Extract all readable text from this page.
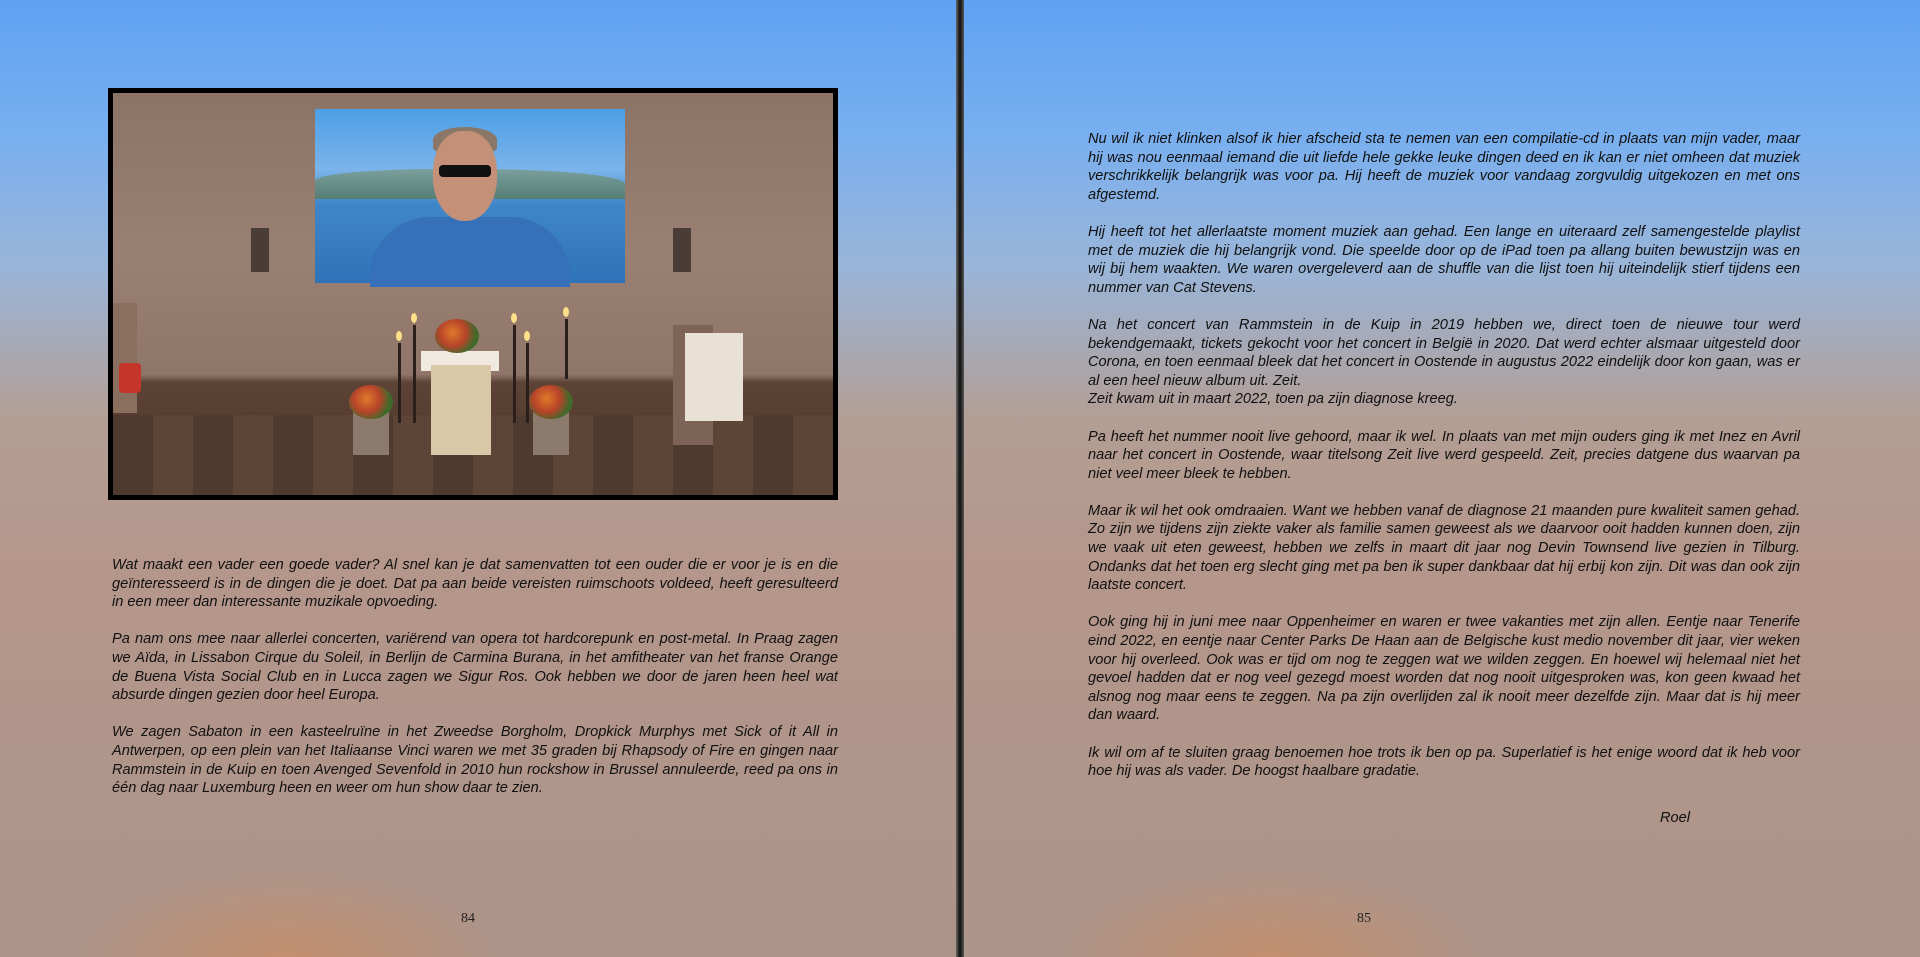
Wat maakt een vader een goede vader? Al snel kan je dat samenvatten tot een ouder die er voor je is en die geïnteresseerd is in de dingen die je doet. Dat pa aan beide vereisten ruimschoots voldeed, heeft geresulteerd in een meer dan interessante muzikale opvoeding.

Pa nam ons mee naar allerlei concerten, variërend van opera tot hardcorepunk en post-metal. In Praag zagen we Aïda, in Lissabon Cirque du Soleil, in Berlijn de Carmina Burana, in het amfitheater van het franse Orange de Buena Vista Social Club en in Lucca zagen we Sigur Ros. Ook hebben we door de jaren heen heel wat absurde dingen gezien door heel Europa.

We zagen Sabaton in een kasteelruïne in het Zweedse Borgholm, Dropkick Murphys met Sick of it All in Antwerpen, op een plein van het Italiaanse Vinci waren we met 35 graden bij Rhapsody of Fire en gingen naar Rammstein in de Kuip en toen Avenged Sevenfold in 2010 hun rockshow in Brussel annuleerde, reed pa ons in één dag naar Luxemburg heen en weer om hun show daar te zien.

84

Nu wil ik niet klinken alsof ik hier afscheid sta te nemen van een compilatie-cd in plaats van mijn vader, maar hij was nou eenmaal iemand die uit liefde hele gekke leuke dingen deed en ik kan er niet omheen dat muziek verschrikkelijk belangrijk was voor pa. Hij heeft de muziek voor vandaag zorgvuldig uitgekozen en met ons afgestemd.

Hij heeft tot het allerlaatste moment muziek aan gehad. Een lange en uiteraard zelf samengestelde playlist met de muziek die hij belangrijk vond. Die speelde door op de iPad toen pa allang buiten bewustzijn was en wij bij hem waakten. We waren overgeleverd aan de shuffle van die lijst toen hij uiteindelijk stierf tijdens een nummer van Cat Stevens.

Na het concert van Rammstein in de Kuip in 2019 hebben we, direct toen de nieuwe tour werd bekendgemaakt, tickets gekocht voor het concert in België in 2020. Dat werd echter alsmaar uitgesteld door Corona, en toen eenmaal bleek dat het concert in Oostende in augustus 2022 eindelijk door kon gaan, was er al een heel nieuw album uit. Zeit.

Zeit kwam uit in maart 2022, toen pa zijn diagnose kreeg.

Pa heeft het nummer nooit live gehoord, maar ik wel. In plaats van met mijn ouders ging ik met Inez en Avril naar het concert in Oostende, waar titelsong Zeit live werd gespeeld. Zeit, precies datgene dus waarvan pa niet veel meer bleek te hebben.

Maar ik wil het ook omdraaien. Want we hebben vanaf de diagnose 21 maanden pure kwaliteit samen gehad. Zo zijn we tijdens zijn ziekte vaker als familie samen geweest als we daarvoor ooit hadden kunnen doen, zijn we vaak uit eten geweest, hebben we zelfs in maart dit jaar nog Devin Townsend live gezien in Tilburg. Ondanks dat het toen erg slecht ging met pa ben ik super dankbaar dat hij erbij kon zijn. Dit was dan ook zijn laatste concert.

Ook ging hij in juni mee naar Oppenheimer en waren er twee vakanties met zijn allen. Eentje naar Tenerife eind 2022, en eentje naar Center Parks De Haan aan de Belgische kust medio november dit jaar, vier weken voor hij overleed. Ook was er tijd om nog te zeggen wat we wilden zeggen. En hoewel wij helemaal niet het gevoel hadden dat er nog veel gezegd moest worden dat nog nooit uitgesproken was, kon geen kwaad het alsnog nog maar eens te zeggen. Na pa zijn overlijden zal ik nooit meer dezelfde zijn. Maar dat is hij meer dan waard.

Ik wil om af te sluiten graag benoemen hoe trots ik ben op pa. Superlatief is het enige woord dat ik heb voor hoe hij was als vader. De hoogst haalbare gradatie.

Roel
85
